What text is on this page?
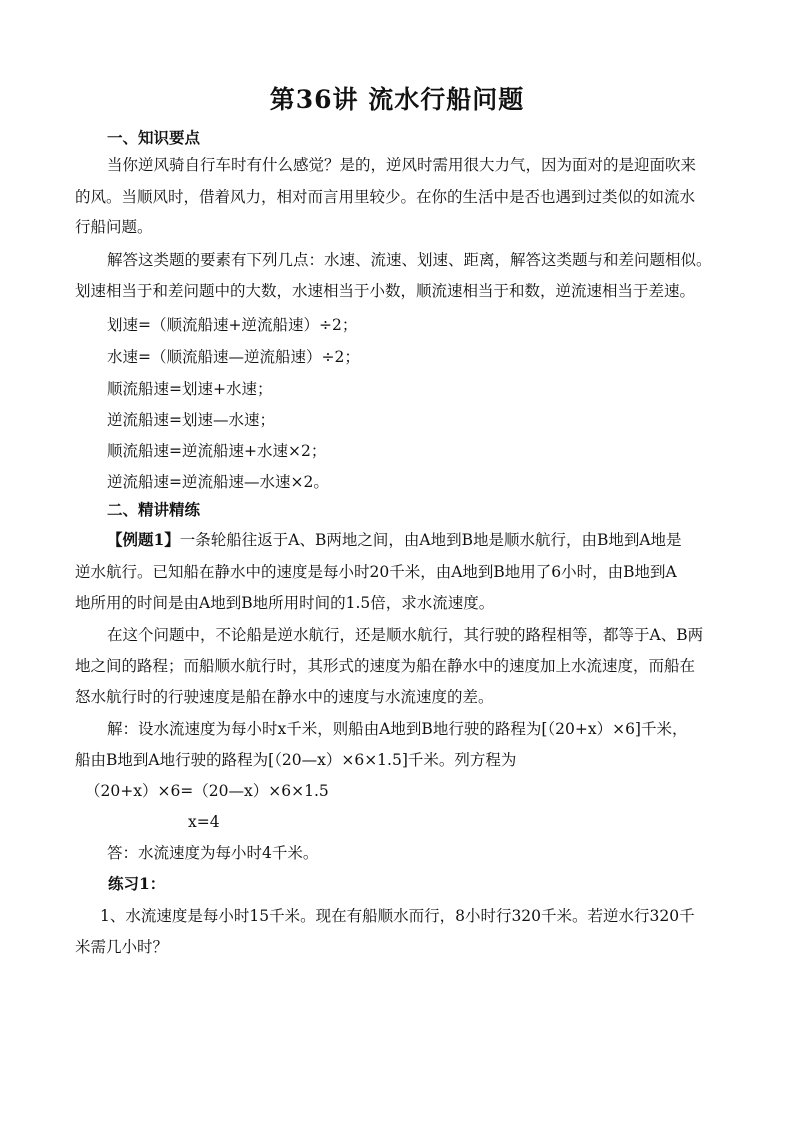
第36讲 流水行船问题
一、知识要点
当你逆风骑自行车时有什么感觉？是的，逆风时需用很大力气，因为面对的是迎面吹来
的风。当顺风时，借着风力，相对而言用里较少。在你的生活中是否也遇到过类似的如流水
行船问题。
解答这类题的要素有下列几点：水速、流速、划速、距离，解答这类题与和差问题相似。
划速相当于和差问题中的大数，水速相当于小数，顺流速相当于和数，逆流速相当于差速。
划速=（顺流船速+逆流船速）÷2；
水速=（顺流船速—逆流船速）÷2；
顺流船速=划速+水速；
逆流船速=划速—水速；
顺流船速=逆流船速+水速×2；
逆流船速=逆流船速—水速×2。
二、精讲精练
【例题1】一条轮船往返于A、B两地之间，由A地到B地是顺水航行，由B地到A地是
逆水航行。已知船在静水中的速度是每小时20千米，由A地到B地用了6小时，由B地到A
地所用的时间是由A地到B地所用时间的1.5倍，求水流速度。
在这个问题中，不论船是逆水航行，还是顺水航行，其行驶的路程相等，都等于A、B两
地之间的路程；而船顺水航行时，其形式的速度为船在静水中的速度加上水流速度，而船在
怒水航行时的行驶速度是船在静水中的速度与水流速度的差。
解：设水流速度为每小时x千米，则船由A地到B地行驶的路程为[（20+x）×6]千米，
船由B地到A地行驶的路程为[（20—x）×6×1.5]千米。列方程为
（20+x）×6=（20—x）×6×1.5
x=4
答：水流速度为每小时4千米。
练习1：
1、水流速度是每小时15千米。现在有船顺水而行，8小时行320千米。若逆水行320千
米需几小时？
